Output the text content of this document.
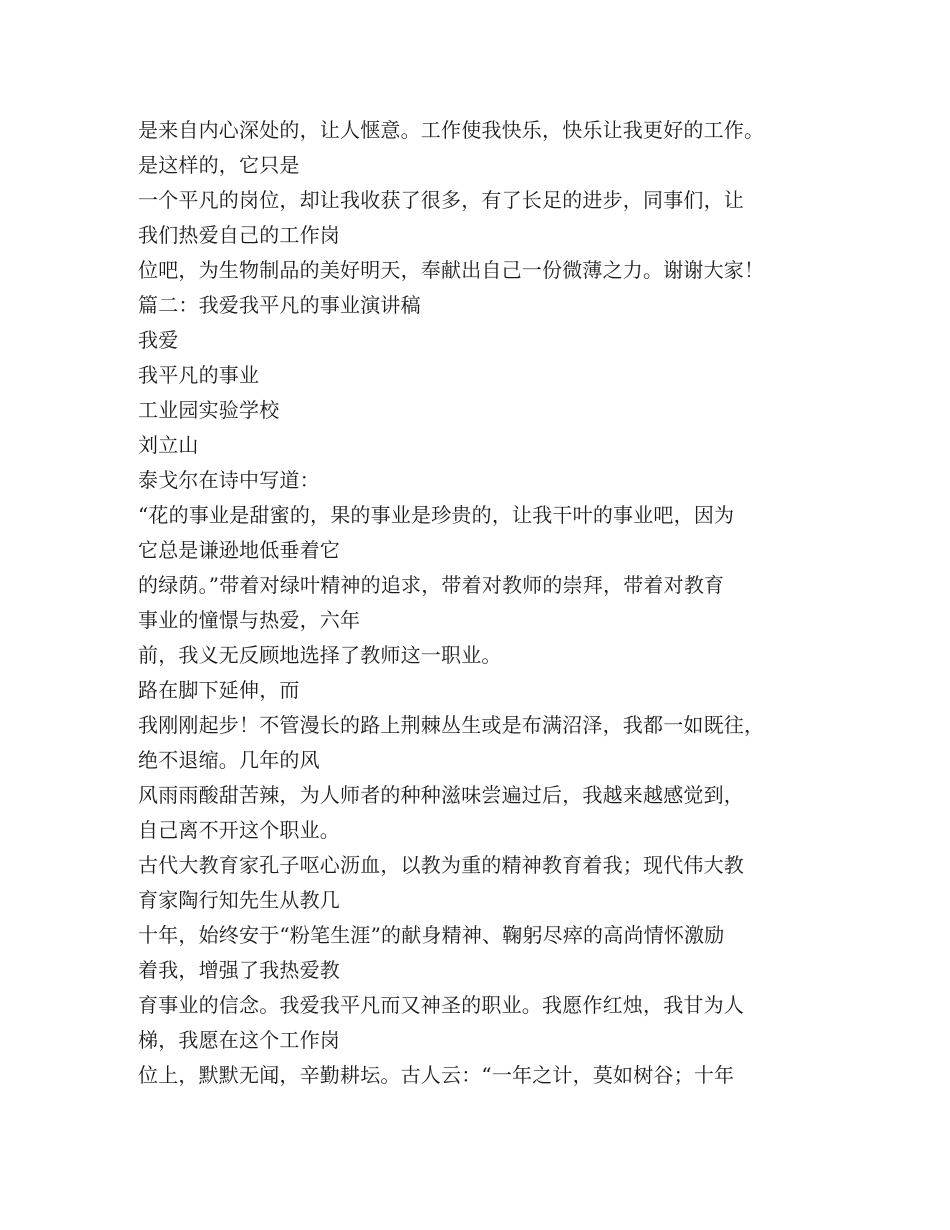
是来自内心深处的，让人惬意。工作使我快乐，快乐让我更好的工作。
是这样的，它只是
一个平凡的岗位，却让我收获了很多，有了长足的进步，同事们，让
我们热爱自己的工作岗
位吧，为生物制品的美好明天，奉献出自己一份微薄之力。谢谢大家！
篇二：我爱我平凡的事业演讲稿
我爱
我平凡的事业
工业园实验学校
刘立山
泰戈尔在诗中写道：
“花的事业是甜蜜的，果的事业是珍贵的，让我干叶的事业吧，因为
它总是谦逊地低垂着它
的绿荫。”带着对绿叶精神的追求，带着对教师的崇拜，带着对教育
事业的憧憬与热爱，六年
前，我义无反顾地选择了教师这一职业。
路在脚下延伸，而
我刚刚起步！不管漫长的路上荆棘丛生或是布满沼泽，我都一如既往，
绝不退缩。几年的风
风雨雨酸甜苦辣，为人师者的种种滋味尝遍过后，我越来越感觉到，
自己离不开这个职业。
古代大教育家孔子呕心沥血，以教为重的精神教育着我；现代伟大教
育家陶行知先生从教几
十年，始终安于“粉笔生涯”的献身精神、鞠躬尽瘁的高尚情怀激励
着我，增强了我热爱教
育事业的信念。我爱我平凡而又神圣的职业。我愿作红烛，我甘为人
梯，我愿在这个工作岗
位上，默默无闻，辛勤耕坛。古人云：“一年之计，莫如树谷；十年
